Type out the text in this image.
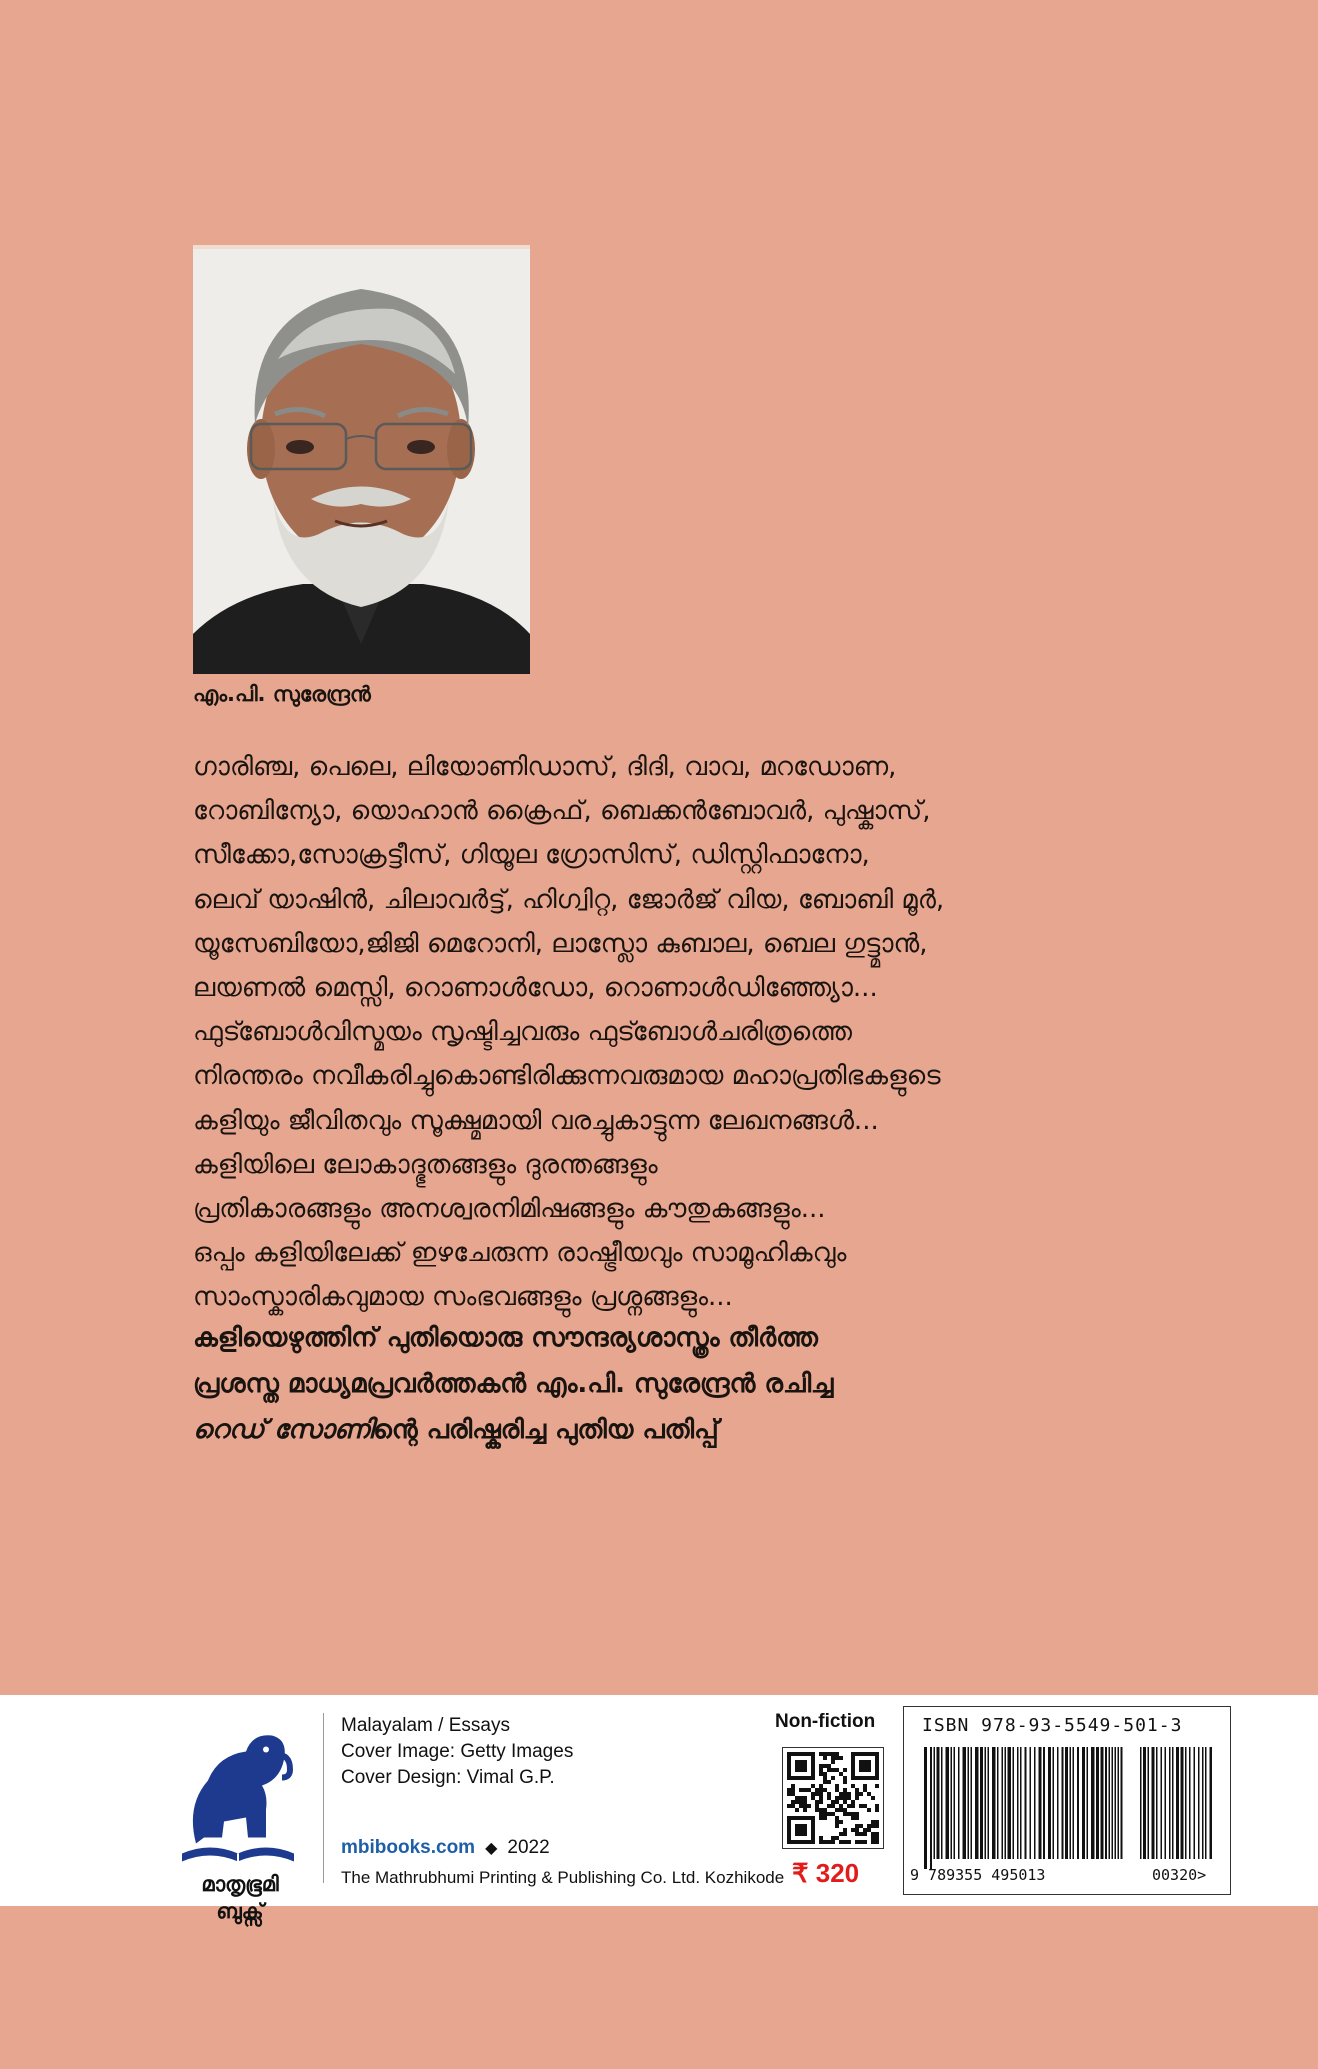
എം.പി. സുരേന്ദ്രൻ
ഗാരിഞ്ച, പെലെ, ലിയോണിഡാസ്, ദിദി, വാവ, മറഡോണ,
റോബിന്യോ, യൊഹാൻ ക്രൈഫ്, ബെക്കൻബോവർ, പുഷ്കാസ്,
സീക്കോ,സോക്രട്ടീസ്, ഗിയൂല ഗ്രോസിസ്, ഡിസ്റ്റിഫാനോ,
ലെവ് യാഷിൻ, ചിലാവർട്ട്, ഹിഗ്വിറ്റ, ജോർജ് വിയ, ബോബി മൂർ,
യൂസേബിയോ,ജിജി മെറോനി, ലാസ്ലോ കുബാല, ബെല ഗുട്ട്മാൻ,
ലയണൽ മെസ്സി, റൊണാൾഡോ, റൊണാൾഡിഞ്ഞ്യോ...
ഫുട്ബോൾവിസ്മയം സൃഷ്ടിച്ചവരും ഫുട്ബോൾചരിത്രത്തെ
നിരന്തരം നവീകരിച്ചുകൊണ്ടിരിക്കുന്നവരുമായ മഹാപ്രതിഭകളുടെ
കളിയും ജീവിതവും സൂക്ഷ്മമായി വരച്ചുകാട്ടുന്ന ലേഖനങ്ങൾ...
കളിയിലെ ലോകാദ്ഭുതങ്ങളും ദുരന്തങ്ങളും
പ്രതികാരങ്ങളും അനശ്വരനിമിഷങ്ങളും കൗതുകങ്ങളും...
ഒപ്പം കളിയിലേക്ക് ഇഴചേരുന്ന രാഷ്ട്രീയവും സാമൂഹികവും
സാംസ്കാരികവുമായ സംഭവങ്ങളും പ്രശ്നങ്ങളും...
കളിയെഴുത്തിന് പുതിയൊരു സൗന്ദര്യശാസ്ത്രം തീർത്ത
പ്രശസ്ത മാധ്യമപ്രവർത്തകൻ എം.പി. സുരേന്ദ്രൻ രചിച്ച
റെഡ് സോണിന്റെ പരിഷ്കരിച്ച പുതിയ പതിപ്പ്
മാതൃഭൂമി
ബുക്സ്
Malayalam / Essays
Cover Image: Getty Images
Cover Design: Vimal G.P.
mbibooks.com ◆ 2022
The Mathrubhumi Printing & Publishing Co. Ltd. Kozhikode
Non-fiction
₹ 320
ISBN 978-93-5549-501-3
9 789355 495013	00320>
